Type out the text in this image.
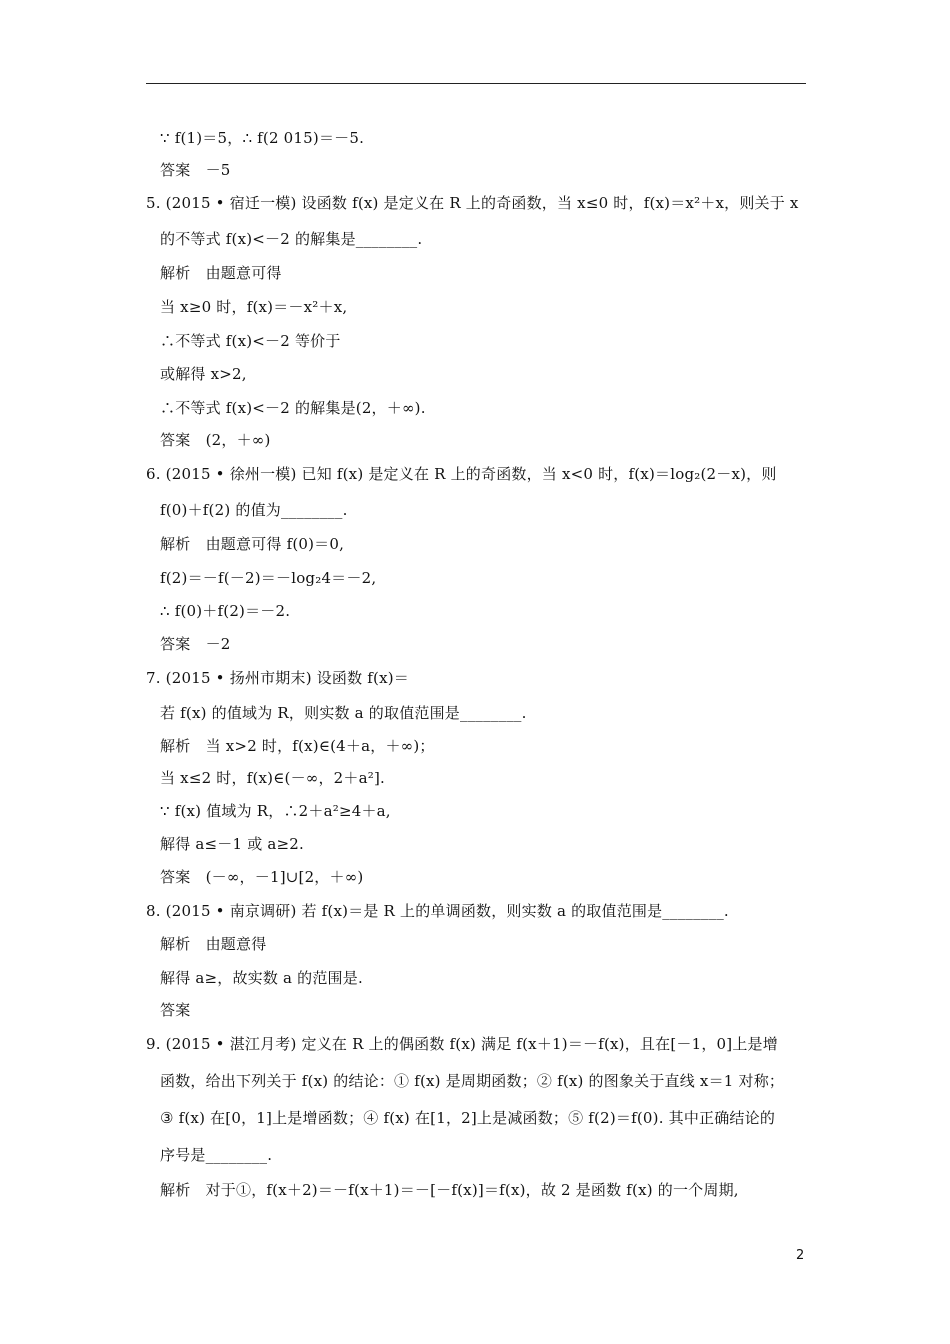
∵ f(1)＝5，∴ f(2 015)＝－5.
答案　－5
5. (2015 • 宿迁一模) 设函数 f(x) 是定义在 R 上的奇函数，当 x≤0 时，f(x)＝x²＋x，则关于 x
的不等式 f(x)<－2 的解集是________.
解析　由题意可得
当 x≥0 时，f(x)＝－x²＋x,
∴不等式 f(x)<－2 等价于
或解得 x>2,
∴不等式 f(x)<－2 的解集是(2，＋∞).
答案　(2，＋∞)
6. (2015 • 徐州一模) 已知 f(x) 是定义在 R 上的奇函数，当 x<0 时，f(x)＝log₂(2－x)，则
f(0)＋f(2) 的值为________.
解析　由题意可得 f(0)＝0,
f(2)＝－f(－2)＝－log₂4＝－2,
∴ f(0)＋f(2)＝－2.
答案　－2
7. (2015 • 扬州市期末) 设函数 f(x)＝
若 f(x) 的值域为 R，则实数 a 的取值范围是________.
解析　当 x>2 时，f(x)∈(4＋a，＋∞)；
当 x≤2 时，f(x)∈(－∞，2＋a²].
∵ f(x) 值域为 R，∴2＋a²≥4＋a,
解得 a≤－1 或 a≥2.
答案　(－∞，－1]∪[2，＋∞)
8. (2015 • 南京调研) 若 f(x)＝是 R 上的单调函数，则实数 a 的取值范围是________.
解析　由题意得
解得 a≥，故实数 a 的范围是.
答案
9. (2015 • 湛江月考) 定义在 R 上的偶函数 f(x) 满足 f(x＋1)＝－f(x)，且在[－1，0]上是增
函数，给出下列关于 f(x) 的结论：① f(x) 是周期函数；② f(x) 的图象关于直线 x＝1 对称；
③ f(x) 在[0，1]上是增函数；④ f(x) 在[1，2]上是减函数；⑤ f(2)＝f(0). 其中正确结论的
序号是________.
解析　对于①，f(x＋2)＝－f(x＋1)＝－[－f(x)]＝f(x)，故 2 是函数 f(x) 的一个周期,
2
